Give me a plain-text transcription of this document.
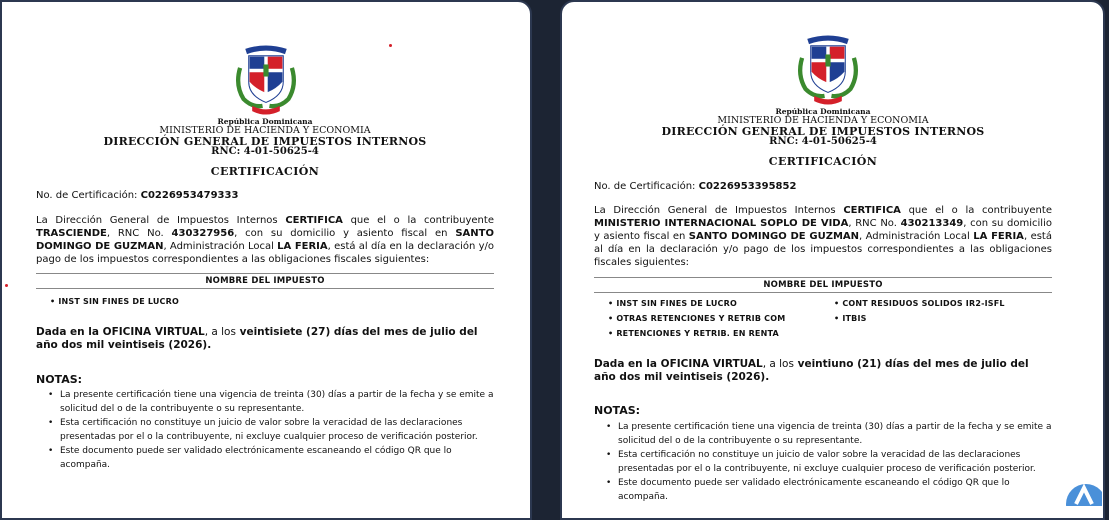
República Dominicana
MINISTERIO DE HACIENDA Y ECONOMIA
DIRECCIÓN GENERAL DE IMPUESTOS INTERNOS
RNC: 4-01-50625-4
CERTIFICACIÓN
No. de Certificación: C0226953479333
La Dirección General de Impuestos Internos CERTIFICA que el o la contribuyente TRASCIENDE, RNC No. 430327956, con su domicilio y asiento fiscal en SANTO DOMINGO DE GUZMAN, Administración Local LA FERIA, está al día en la declaración y/o pago de los impuestos correspondientes a las obligaciones fiscales siguientes:
NOMBRE DEL IMPUESTO
• INST SIN FINES DE LUCRO
Dada en la OFICINA VIRTUAL, a los veintisiete (27) días del mes de julio del año dos mil veintiseis (2026).
NOTAS:
• La presente certificación tiene una vigencia de treinta (30) días a partir de la fecha y se emite a solicitud del o de la contribuyente o su representante.
• Esta certificación no constituye un juicio de valor sobre la veracidad de las declaraciones presentadas por el o la contribuyente, ni excluye cualquier proceso de verificación posterior.
• Este documento puede ser validado electrónicamente escaneando el código QR que lo acompaña.
República Dominicana
MINISTERIO DE HACIENDA Y ECONOMIA
DIRECCIÓN GENERAL DE IMPUESTOS INTERNOS
RNC: 4-01-50625-4
CERTIFICACIÓN
No. de Certificación: C0226953395852
La Dirección General de Impuestos Internos CERTIFICA que el o la contribuyente MINISTERIO INTERNACIONAL SOPLO DE VIDA, RNC No. 430213349, con su domicilio y asiento fiscal en SANTO DOMINGO DE GUZMAN, Administración Local LA FERIA, está al día en la declaración y/o pago de los impuestos correspondientes a las obligaciones fiscales siguientes:
NOMBRE DEL IMPUESTO
• INST SIN FINES DE LUCRO	• CONT RESIDUOS SOLIDOS IR2-ISFL
• OTRAS RETENCIONES Y RETRIB COM	• ITBIS
• RETENCIONES Y RETRIB. EN RENTA
Dada en la OFICINA VIRTUAL, a los veintiuno (21) días del mes de julio del año dos mil veintiseis (2026).
NOTAS:
• La presente certificación tiene una vigencia de treinta (30) días a partir de la fecha y se emite a solicitud del o de la contribuyente o su representante.
• Esta certificación no constituye un juicio de valor sobre la veracidad de las declaraciones presentadas por el o la contribuyente, ni excluye cualquier proceso de verificación posterior.
• Este documento puede ser validado electrónicamente escaneando el código QR que lo acompaña.
